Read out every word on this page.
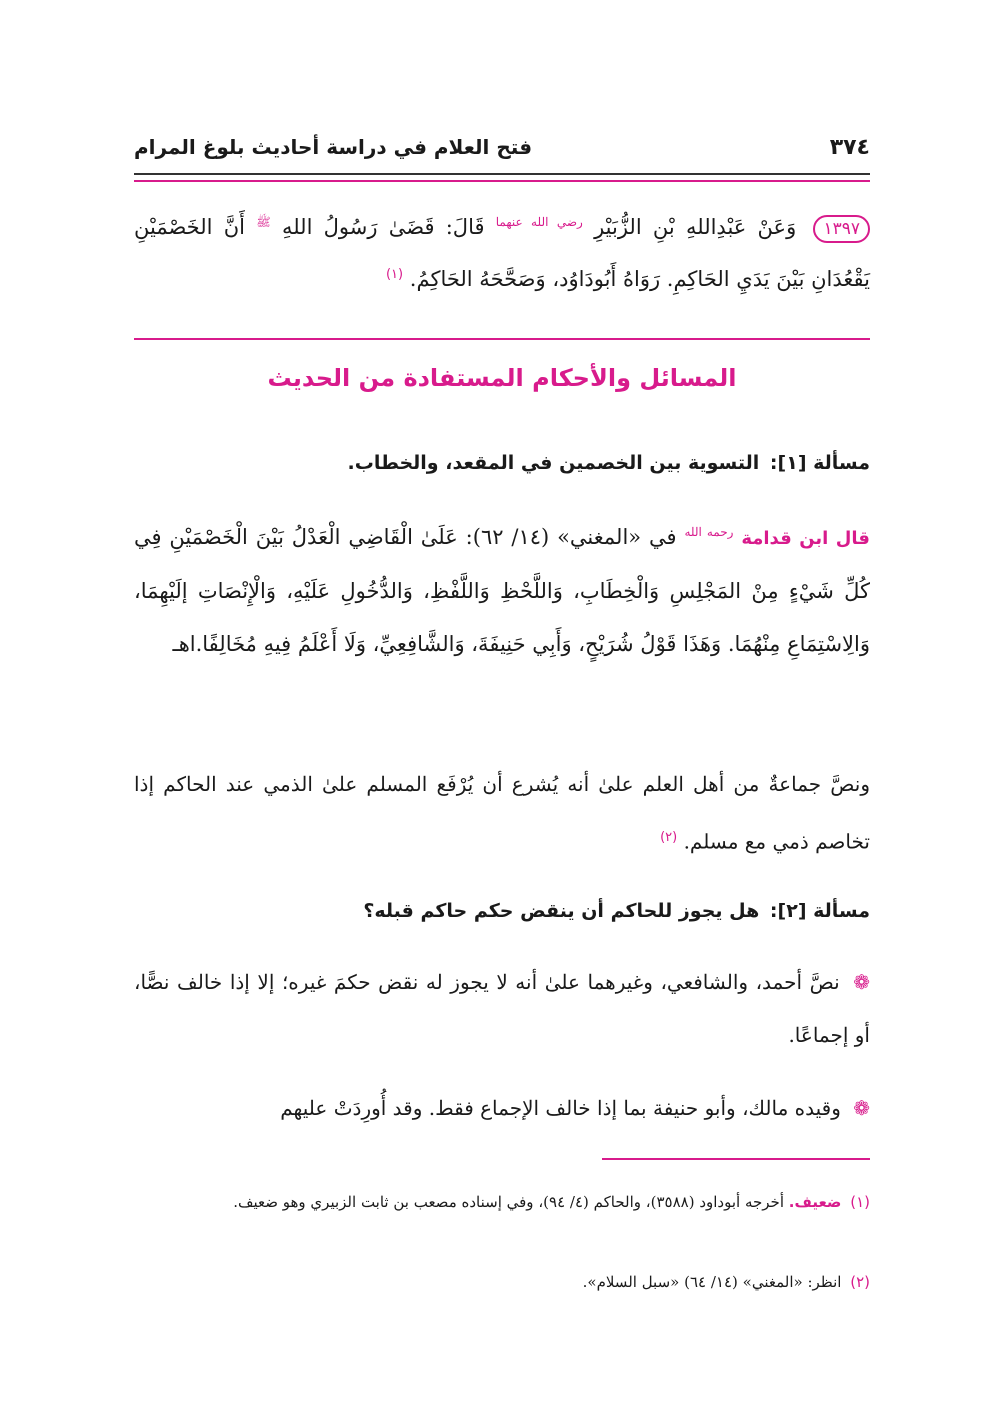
٣٧٤
فتح العلام في دراسة أحاديث بلوغ المرام
١٣٩٧ وَعَنْ عَبْدِاللهِ بْنِ الزُّبَيْرِ $^{رضي الله عنهما}$ قَالَ: قَضَىٰ رَسُولُ اللهِ $^ﷺ$ أَنَّ الخَصْمَيْنِ يَقْعُدَانِ بَيْنَ يَدَيِ الحَاكِمِ. رَوَاهُ أَبُودَاوُد، وَصَحَّحَهُ الحَاكِمُ. $^{(١)}$
المسائل والأحكام المستفادة من الحديث
مسألة [١]: التسوية بين الخصمين في المقعد، والخطاب.
قال ابن قدامة $^{رحمه الله}$ في «المغني» (١٤/ ٦٢): عَلَىٰ الْقَاضِي الْعَدْلُ بَيْنَ الْخَصْمَيْنِ فِي كُلِّ شَيْءٍ مِنْ المَجْلِسِ وَالْخِطَابِ، وَاللَّحْظِ وَاللَّفْظِ، وَالدُّخُولِ عَلَيْهِ، وَالْإِنْصَاتِ إلَيْهِمَا، وَالِاسْتِمَاعِ مِنْهُمَا. وَهَذَا قَوْلُ شُرَيْحٍ، وَأَبِي حَنِيفَةَ، وَالشَّافِعِيِّ، وَلَا أَعْلَمُ فِيهِ مُخَالِفًا.اهـ
ونصَّ جماعةٌ من أهل العلم علىٰ أنه يُشرع أن يُرْفَع المسلم علىٰ الذمي عند الحاكم إذا تخاصم ذمي مع مسلم. $^{(٢)}$
مسألة [٢]: هل يجوز للحاكم أن ينقض حكم حاكم قبله؟
❁ نصَّ أحمد، والشافعي، وغيرهما علىٰ أنه لا يجوز له نقض حكمَ غيره؛ إلا إذا خالف نصًّا، أو إجماعًا.
❁ وقيده مالك، وأبو حنيفة بما إذا خالف الإجماع فقط. وقد أُورِدَتْ عليهم
(١) ضعيف. أخرجه أبوداود (٣٥٨٨)، والحاكم (٤/ ٩٤)، وفي إسناده مصعب بن ثابت الزبيري وهو ضعيف.
(٢) انظر: «المغني» (١٤/ ٦٤) «سبل السلام».
